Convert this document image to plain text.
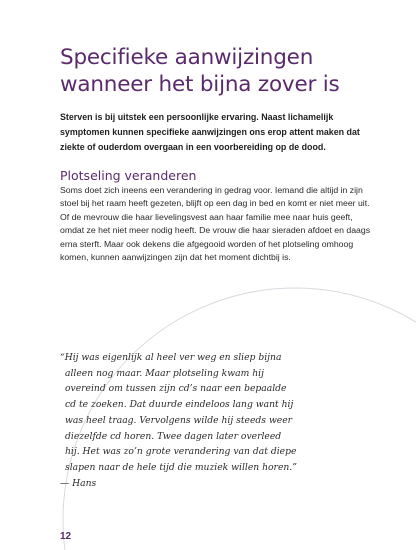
Specifieke aanwijzingen wanneer het bijna zover is

Sterven is bij uitstek een persoonlijke ervaring. Naast lichamelijk symptomen kunnen specifieke aanwijzingen ons erop attent maken dat ziekte of ouderdom overgaan in een voorbereiding op de dood.

Plotseling veranderen

Soms doet zich ineens een verandering in gedrag voor. Iemand die altijd in zijn stoel bij het raam heeft gezeten, blijft op een dag in bed en komt er niet meer uit. Of de mevrouw die haar lievelingsvest aan haar familie mee naar huis geeft, omdat ze het niet meer nodig heeft. De vrouw die haar sieraden afdoet en daags erna sterft. Maar ook dekens die afgegooid worden of het plotseling omhoog komen, kunnen aanwijzingen zijn dat het moment dichtbij is.

“Hij was eigenlijk al heel ver weg en sliep bijna
alleen nog maar. Maar plotseling kwam hij
overeind om tussen zijn cd’s naar een bepaalde
cd te zoeken. Dat duurde eindeloos lang want hij
was heel traag. Vervolgens wilde hij steeds weer
diezelfde cd horen. Twee dagen later overleed
hij. Het was zo’n grote verandering van dat diepe
slapen naar de hele tijd die muziek willen horen.”
— Hans

12
